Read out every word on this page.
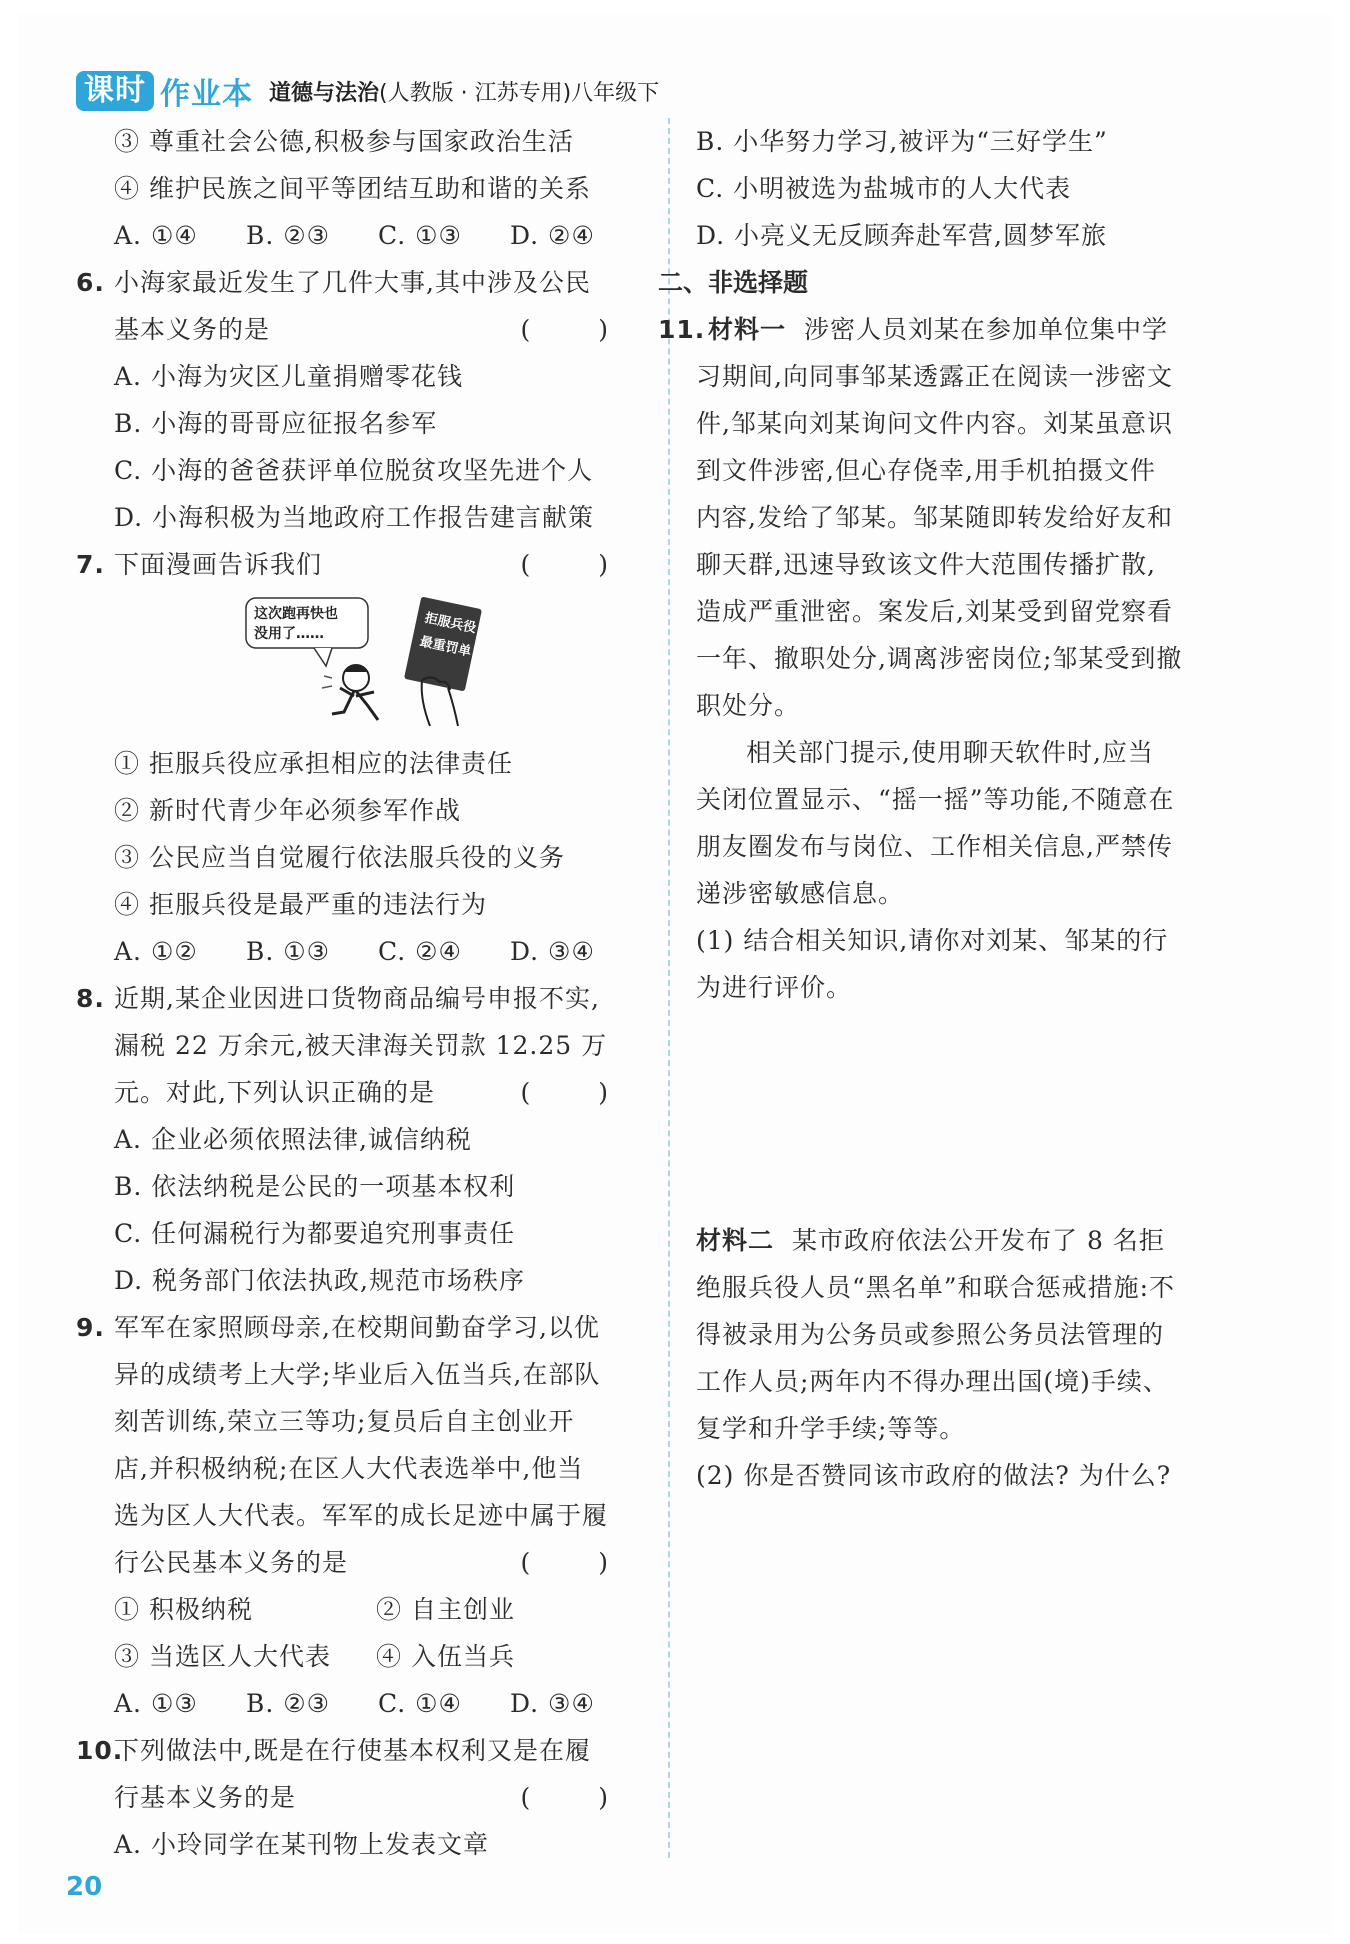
课时 作业本 道德与法治(人教版 · 江苏专用)八年级下
③ 尊重社会公德,积极参与国家政治生活
④ 维护民族之间平等团结互助和谐的关系
A. ①④ B. ②③ C. ①③ D. ②④
6. 小海家最近发生了几件大事,其中涉及公民
基本义务的是	( )
A. 小海为灾区儿童捐赠零花钱
B. 小海的哥哥应征报名参军
C. 小海的爸爸获评单位脱贫攻坚先进个人
D. 小海积极为当地政府工作报告建言献策
7. 下面漫画告诉我们	( )
这次跑再快也
没用了……	拒服兵役
最重罚单
① 拒服兵役应承担相应的法律责任
② 新时代青少年必须参军作战
③ 公民应当自觉履行依法服兵役的义务
④ 拒服兵役是最严重的违法行为
A. ①② B. ①③ C. ②④ D. ③④
8. 近期,某企业因进口货物商品编号申报不实,
漏税 22 万余元,被天津海关罚款 12.25 万
元。对此,下列认识正确的是	( )
A. 企业必须依照法律,诚信纳税
B. 依法纳税是公民的一项基本权利
C. 任何漏税行为都要追究刑事责任
D. 税务部门依法执政,规范市场秩序
9. 军军在家照顾母亲,在校期间勤奋学习,以优
异的成绩考上大学;毕业后入伍当兵,在部队
刻苦训练,荣立三等功;复员后自主创业开
店,并积极纳税;在区人大代表选举中,他当
选为区人大代表。军军的成长足迹中属于履
行公民基本义务的是	( )
① 积极纳税	② 自主创业
③ 当选区人大代表 ④ 入伍当兵
A. ①③ B. ②③ C. ①④ D. ③④
10.下列做法中,既是在行使基本权利又是在履
行基本义务的是	( )
A. 小玲同学在某刊物上发表文章
B. 小华努力学习,被评为“三好学生”
C. 小明被选为盐城市的人大代表
D. 小亮义无反顾奔赴军营,圆梦军旅
二、非选择题
11. 材料一 涉密人员刘某在参加单位集中学
习期间,向同事邹某透露正在阅读一涉密文
件,邹某向刘某询问文件内容。刘某虽意识
到文件涉密,但心存侥幸,用手机拍摄文件
内容,发给了邹某。邹某随即转发给好友和
聊天群,迅速导致该文件大范围传播扩散,
造成严重泄密。案发后,刘某受到留党察看
一年、撤职处分,调离涉密岗位;邹某受到撤
职处分。
相关部门提示,使用聊天软件时,应当
关闭位置显示、“摇一摇”等功能,不随意在
朋友圈发布与岗位、工作相关信息,严禁传
递涉密敏感信息。
(1) 结合相关知识,请你对刘某、邹某的行
为进行评价。
材料二 某市政府依法公开发布了 8 名拒
绝服兵役人员“黑名单”和联合惩戒措施:不
得被录用为公务员或参照公务员法管理的
工作人员;两年内不得办理出国(境)手续、
复学和升学手续;等等。
(2) 你是否赞同该市政府的做法? 为什么?
20
